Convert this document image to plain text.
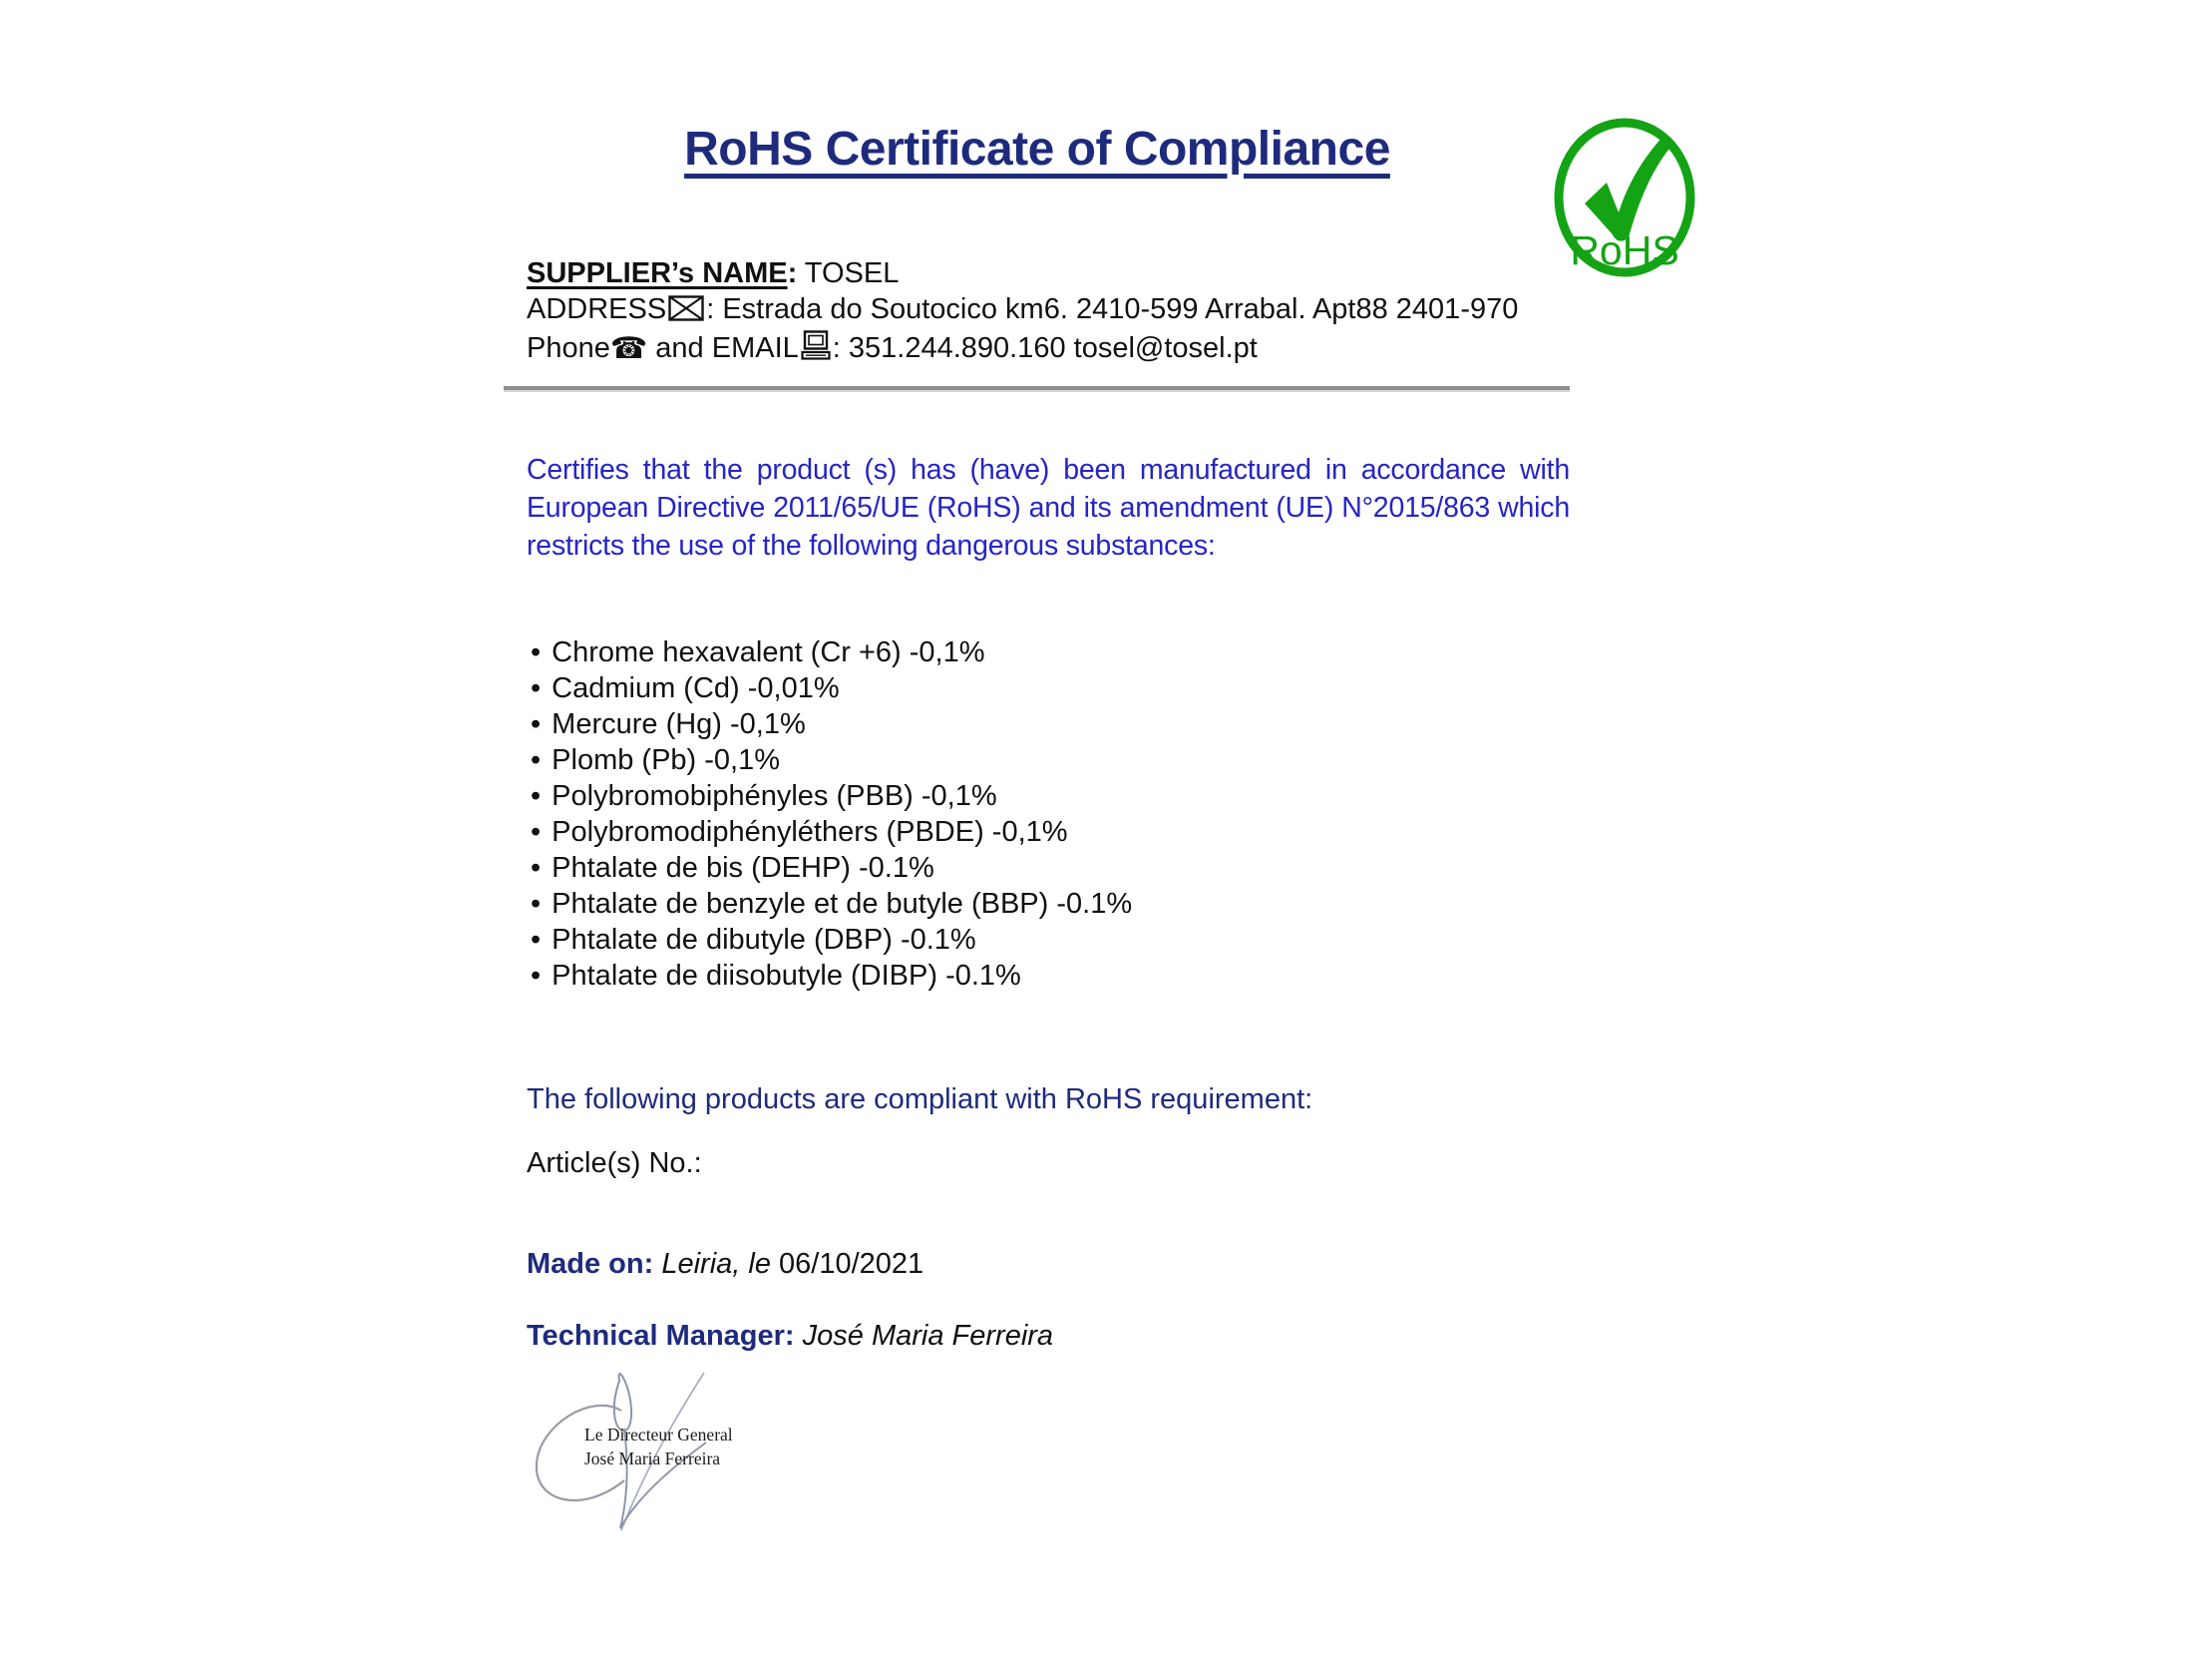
RoHS Certificate of Compliance
RoHS
SUPPLIER’s NAME: TOSEL
ADDRESS : Estrada do Soutocico km6. 2410-599 Arrabal. Apt88 2401-970
Phone☎ and EMAIL : 351.244.890.160 tosel@tosel.pt
Certifies that the product (s) has (have) been manufactured in accordance with European Directive 2011/65/UE (RoHS) and its amendment (UE) N°2015/863 which restricts the use of the following dangerous substances:
• Chrome hexavalent (Cr +6) -0,1%
• Cadmium (Cd) -0,01%
• Mercure (Hg) -0,1%
• Plomb (Pb) -0,1%
• Polybromobiphényles (PBB) -0,1%
• Polybromodiphényléthers (PBDE) -0,1%
• Phtalate de bis (DEHP) -0.1%
• Phtalate de benzyle et de butyle (BBP) -0.1%
• Phtalate de dibutyle (DBP) -0.1%
• Phtalate de diisobutyle (DIBP) -0.1%
The following products are compliant with RoHS requirement:
Article(s) No.:
Made on: Leiria, le 06/10/2021
Technical Manager: José Maria Ferreira
Le Directeur General
José Maria Ferreira
